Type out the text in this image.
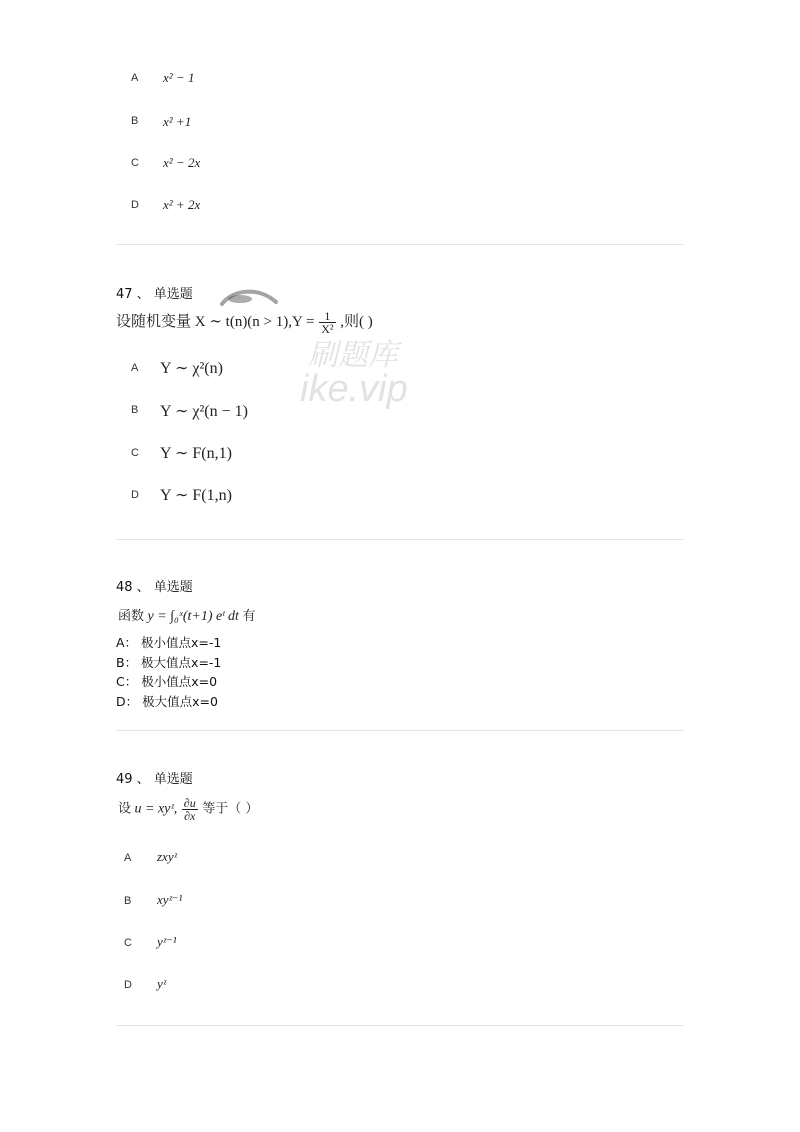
A x² − 1
B x² +1
C x² − 2x
D x² + 2x
47 、 单选题
设随机变量 X ∼ $t(n)(n > 1),Y = \frac{1}{\text{X²}}$ ,则( )
A Y ∼ χ²(n)
B Y ∼ χ²(n − 1)
C Y ∼ F(n,1)
D Y ∼ F(1,n)
刷题库
ike.vip
48 、 单选题
函数 y = ∫₀ˣ(t+1) eᵗ dt 有
A： 极小值点x=-1
B： 极大值点x=-1
C： 极小值点x=0
D： 极大值点x=0
49 、 单选题
设 u = xyᶻ, $\frac{\partial u}{\partial x}$ 等于（ ）
A zxyᶻ
B xyᶻ⁻¹
C yᶻ⁻¹
D yᶻ
